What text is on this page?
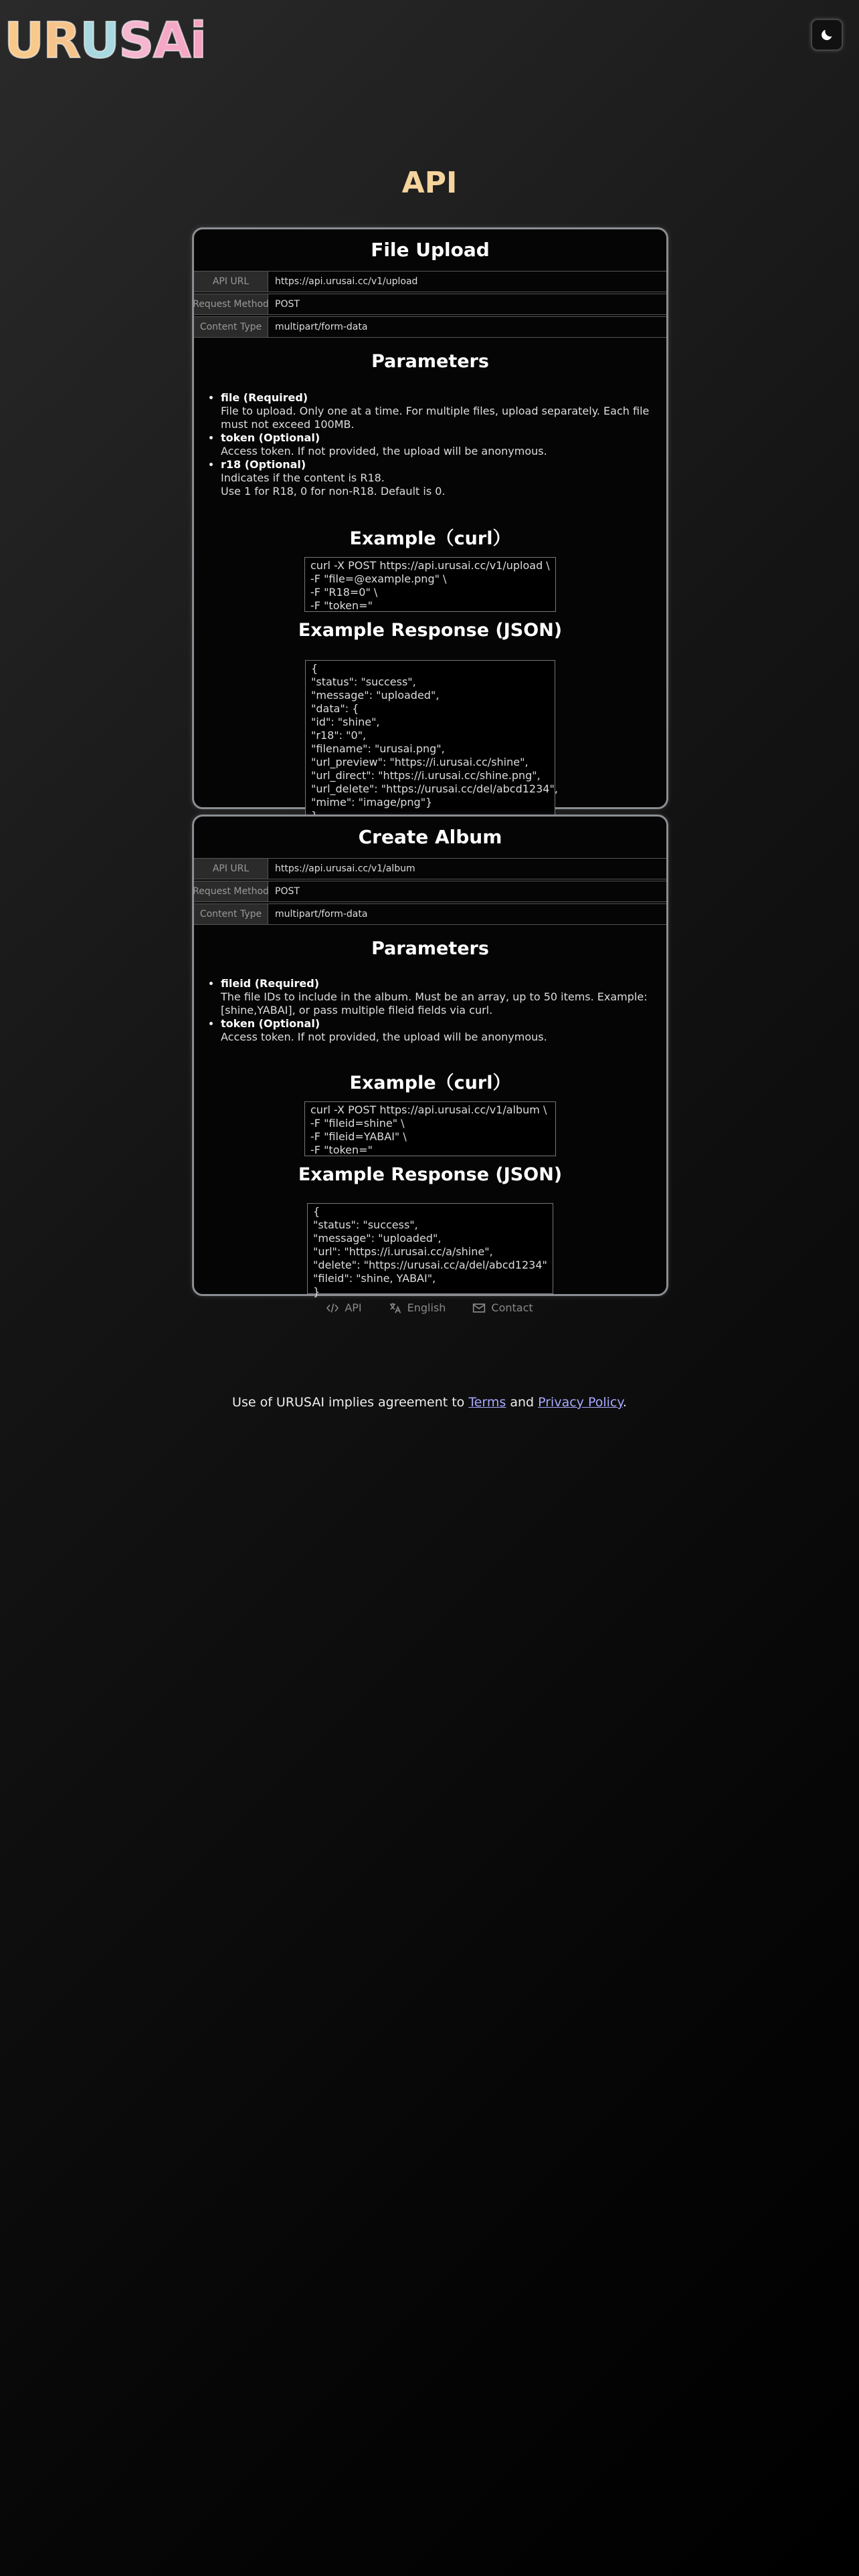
U R U S A i
API
File Upload
API URL	https://api.urusai.cc/v1/upload
Request Method POST
Content Type	multipart/form-data
Parameters
• file (Required)
File to upload. Only one at a time. For multiple files, upload separately. Each file must not exceed 100MB.
• token (Optional)
Access token. If not provided, the upload will be anonymous.
• r18 (Optional)
Indicates if the content is R18.
Use 1 for R18, 0 for non-R18. Default is 0.
Example（curl）
curl -X POST https://api.urusai.cc/v1/upload \
-F "file=@example.png" \
-F "R18=0" \
-F "token="
Example Response (JSON)
{
"status": "success",
"message": "uploaded",
"data": {
"id": "shine",
"r18": "0",
"filename": "urusai.png",
"url_preview": "https://i.urusai.cc/shine",
"url_direct": "https://i.urusai.cc/shine.png",
"url_delete": "https://urusai.cc/del/abcd1234",
"mime": "image/png"}

Create Album
API URL	https://api.urusai.cc/v1/album
Request Method POST
Content Type	multipart/form-data
Parameters
• fileid (Required)
The file IDs to include in the album. Must be an array, up to 50 items. Example: [shine,YABAI], or pass multiple fileid fields via curl.
• token (Optional)
Access token. If not provided, the upload will be anonymous.
Example（curl）
curl -X POST https://api.urusai.cc/v1/album \
-F "fileid=shine" \
-F "fileid=YABAI" \
-F "token="
Example Response (JSON)
{
"status": "success",
"message": "uploaded",
"url": "https://i.urusai.cc/a/shine",
"delete": "https://urusai.cc/a/del/abcd1234"
"fileid": "shine, YABAI",
}
API	English	Contact
Use of URUSAI implies agreement to Terms and Privacy Policy.
